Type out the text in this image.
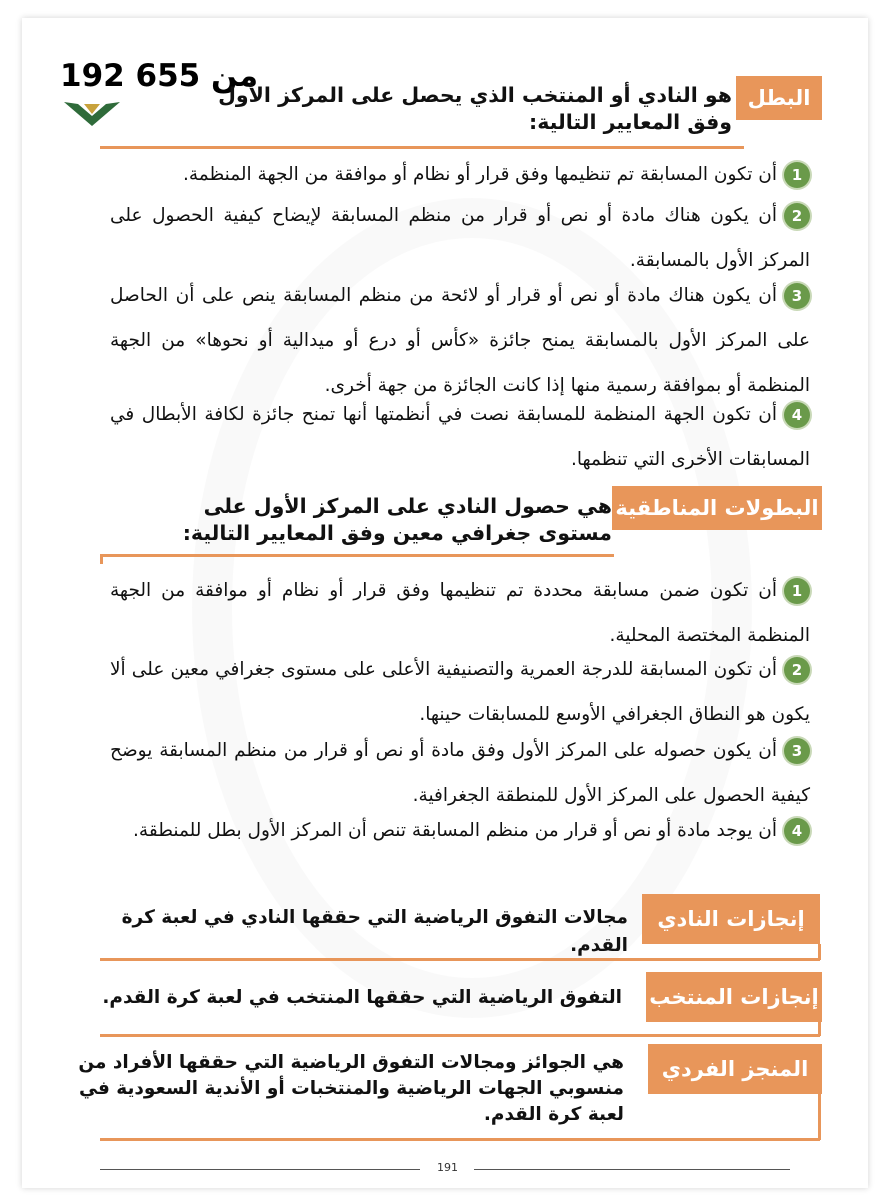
192 من 655
البطل
هو النادي أو المنتخب الذي يحصل على المركز الأول
وفق المعايير التالية:
1أن تكون المسابقة تم تنظيمها وفق قرار أو نظام أو موافقة من الجهة المنظمة.
2أن يكون هناك مادة أو نص أو قرار من منظم المسابقة لإيضاح كيفية الحصول على المركز الأول بالمسابقة.
3أن يكون هناك مادة أو نص أو قرار أو لائحة من منظم المسابقة ينص على أن الحاصل على المركز الأول بالمسابقة يمنح جائزة «كأس أو درع أو ميدالية أو نحوها» من الجهة المنظمة أو بموافقة رسمية منها إذا كانت الجائزة من جهة أخرى.
4أن تكون الجهة المنظمة للمسابقة نصت في أنظمتها أنها تمنح جائزة لكافة الأبطال في المسابقات الأخرى التي تنظمها.
البطولات المناطقية
هي حصول النادي على المركز الأول على
مستوى جغرافي معين وفق المعايير التالية:
1أن تكون ضمن مسابقة محددة تم تنظيمها وفق قرار أو نظام أو موافقة من الجهة المنظمة المختصة المحلية.
2أن تكون المسابقة للدرجة العمرية والتصنيفية الأعلى على مستوى جغرافي معين على ألا يكون هو النطاق الجغرافي الأوسع للمسابقات حينها.
3أن يكون حصوله على المركز الأول وفق مادة أو نص أو قرار من منظم المسابقة يوضح كيفية الحصول على المركز الأول للمنطقة الجغرافية.
4أن يوجد مادة أو نص أو قرار من منظم المسابقة تنص أن المركز الأول بطل للمنطقة.
إنجازات النادي
مجالات التفوق الرياضية التي حققها النادي في لعبة كرة القدم.
إنجازات المنتخب
التفوق الرياضية التي حققها المنتخب في لعبة كرة القدم.
المنجز الفردي
هي الجوائز ومجالات التفوق الرياضية التي حققها الأفراد من
منسوبي الجهات الرياضية والمنتخبات أو الأندية السعودية في
لعبة كرة القدم.
191
